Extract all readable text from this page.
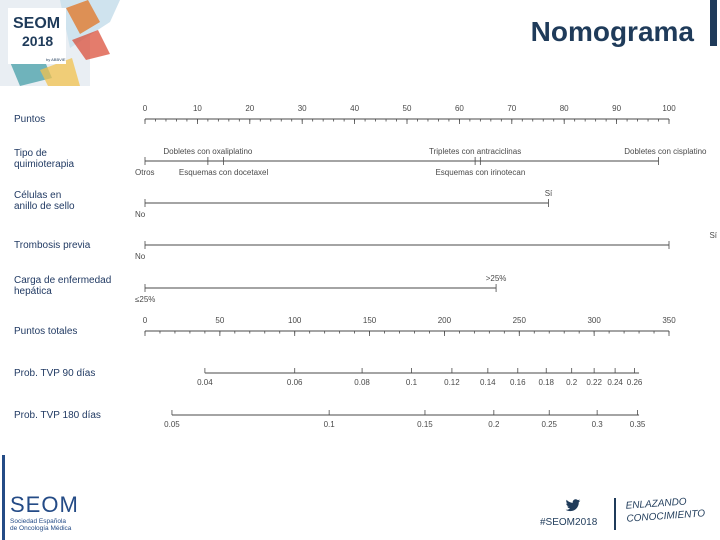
SEOM
2018
by ABBVIE
Nomograma
Puntos
0	10	20	30	40	50	60	70	80	90	100
Tipo de
quimioterapia
Otros
Dobletes con oxaliplatino
Esquemas con docetaxel
Tripletes con antraciclinas
Esquemas con irinotecan
Dobletes con cisplatino
Células en
anillo de sello
No
Sí
Trombosis previa
No
Sí
Carga de enfermedad
hepática
≤25%
>25%
Puntos totales
0	50	100	150	200	250	300	350
Prob. TVP 90 días
0.04	0.06	0.08	0.1	0.12	0.14 0.16 0.18 0.2 0.22 0.24 0.26
Prob. TVP 180 días
0.05	0.1	0.15	0.2	0.25	0.3	0.35
SEOM
Sociedad Española
de Oncología Médica
#SEOM2018
ENLAZANDO
CONOCIMIENTO
